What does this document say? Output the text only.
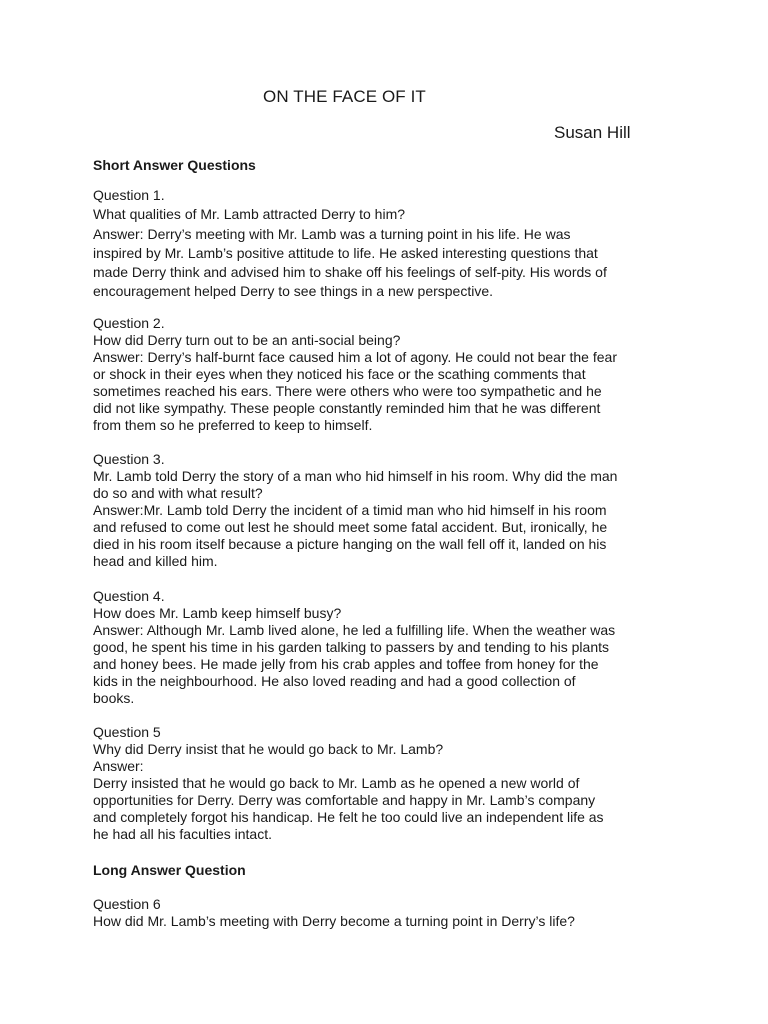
ON THE FACE OF IT
Susan Hill
Short Answer Questions
Question 1.
What qualities of Mr. Lamb attracted Derry to him?
Answer: Derry’s meeting with Mr. Lamb was a turning point in his life. He was
inspired by Mr. Lamb’s positive attitude to life. He asked interesting questions that
made Derry think and advised him to shake off his feelings of self-pity. His words of
encouragement helped Derry to see things in a new perspective.
Question 2.
How did Derry turn out to be an anti-social being?
Answer: Derry’s half-burnt face caused him a lot of agony. He could not bear the fear
or shock in their eyes when they noticed his face or the scathing comments that
sometimes reached his ears. There were others who were too sympathetic and he
did not like sympathy. These people constantly reminded him that he was different
from them so he preferred to keep to himself.
Question 3.
Mr. Lamb told Derry the story of a man who hid himself in his room. Why did the man
do so and with what result?
Answer:Mr. Lamb told Derry the incident of a timid man who hid himself in his room
and refused to come out lest he should meet some fatal accident. But, ironically, he
died in his room itself because a picture hanging on the wall fell off it, landed on his
head and killed him.
Question 4.
How does Mr. Lamb keep himself busy?
Answer: Although Mr. Lamb lived alone, he led a fulfilling life. When the weather was
good, he spent his time in his garden talking to passers by and tending to his plants
and honey bees. He made jelly from his crab apples and toffee from honey for the
kids in the neighbourhood. He also loved reading and had a good collection of
books.
Question 5
Why did Derry insist that he would go back to Mr. Lamb?
Answer:
Derry insisted that he would go back to Mr. Lamb as he opened a new world of
opportunities for Derry. Derry was comfortable and happy in Mr. Lamb’s company
and completely forgot his handicap. He felt he too could live an independent life as
he had all his faculties intact.
Long Answer Question
Question 6
How did Mr. Lamb’s meeting with Derry become a turning point in Derry’s life?
